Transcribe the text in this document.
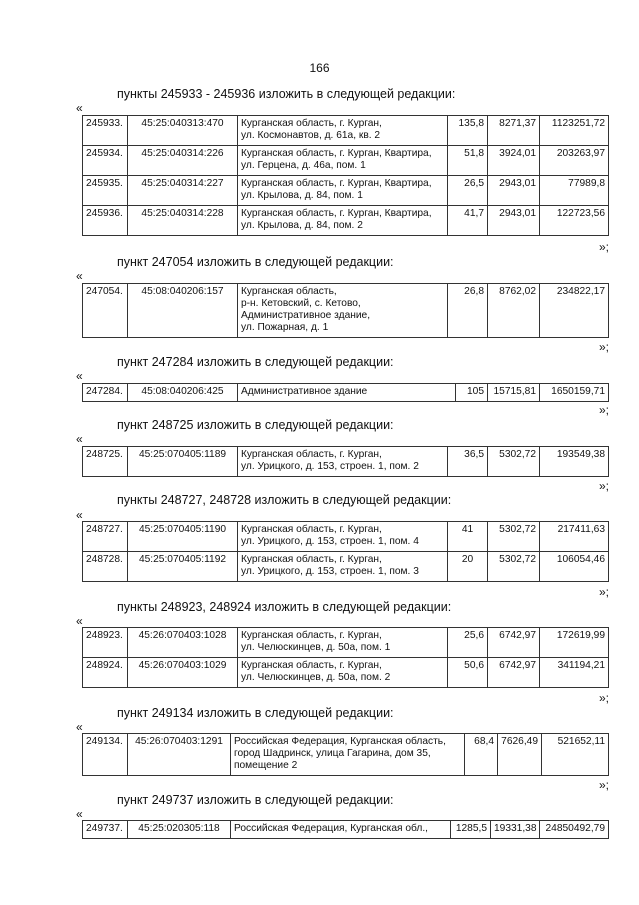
166
пункты 245933 - 245936 изложить в следующей редакции:
«
245933.	45:25:040313:470	Курганская область, г. Курган,
ул. Космонавтов, д. 61а, кв. 2	135,8	8271,37	1123251,72
245934.	45:25:040314:226	Курганская область, г. Курган, Квартира,
ул. Герцена, д. 46а, пом. 1	51,8	3924,01	203263,97
245935.	45:25:040314:227	Курганская область, г. Курган, Квартира,
ул. Крылова, д. 84, пом. 1	26,5	2943,01	77989,8
245936.	45:25:040314:228	Курганская область, г. Курган, Квартира,
ул. Крылова, д. 84, пом. 2	41,7	2943,01	122723,56
»;
пункт 247054 изложить в следующей редакции:
«
247054.	45:08:040206:157	Курганская область,
р-н. Кетовский, с. Кетово,
Административное здание,
ул. Пожарная, д. 1
	26,8	8762,02	234822,17
»;
пункт 247284 изложить в следующей редакции:
«
247284.	45:08:040206:425	Административное здание	105	15715,81	1650159,71
»;
пункт 248725 изложить в следующей редакции:
«
248725.	45:25:070405:1189	Курганская область, г. Курган,
ул. Урицкого, д. 153, строен. 1, пом. 2
	36,5	5302,72	193549,38
»;
пункты 248727, 248728 изложить в следующей редакции:
«
248727.	45:25:070405:1190	Курганская область, г. Курган,
ул. Урицкого, д. 153, строен. 1, пом. 4	41	5302,72	217411,63
248728.	45:25:070405:1192	Курганская область, г. Курган,
ул. Урицкого, д. 153, строен. 1, пом. 3	20	5302,72	106054,46
»;
пункты 248923, 248924 изложить в следующей редакции:
«
248923.	45:26:070403:1028	Курганская область, г. Курган,
ул. Челюскинцев, д. 50а, пом. 1	25,6	6742,97	172619,99
248924.	45:26:070403:1029	Курганская область, г. Курган,
ул. Челюскинцев, д. 50а, пом. 2	50,6	6742,97	341194,21
»;
пункт 249134 изложить в следующей редакции:
«
249134.	45:26:070403:1291	Российская Федерация, Курганская область,
город Шадринск, улица Гагарина, дом 35,
помещение 2
	68,4	7626,49	521652,11
»;
пункт 249737 изложить в следующей редакции:
«
249737.	45:25:020305:118	Российская Федерация, Курганская обл.,	1285,5	19331,38	24850492,79
